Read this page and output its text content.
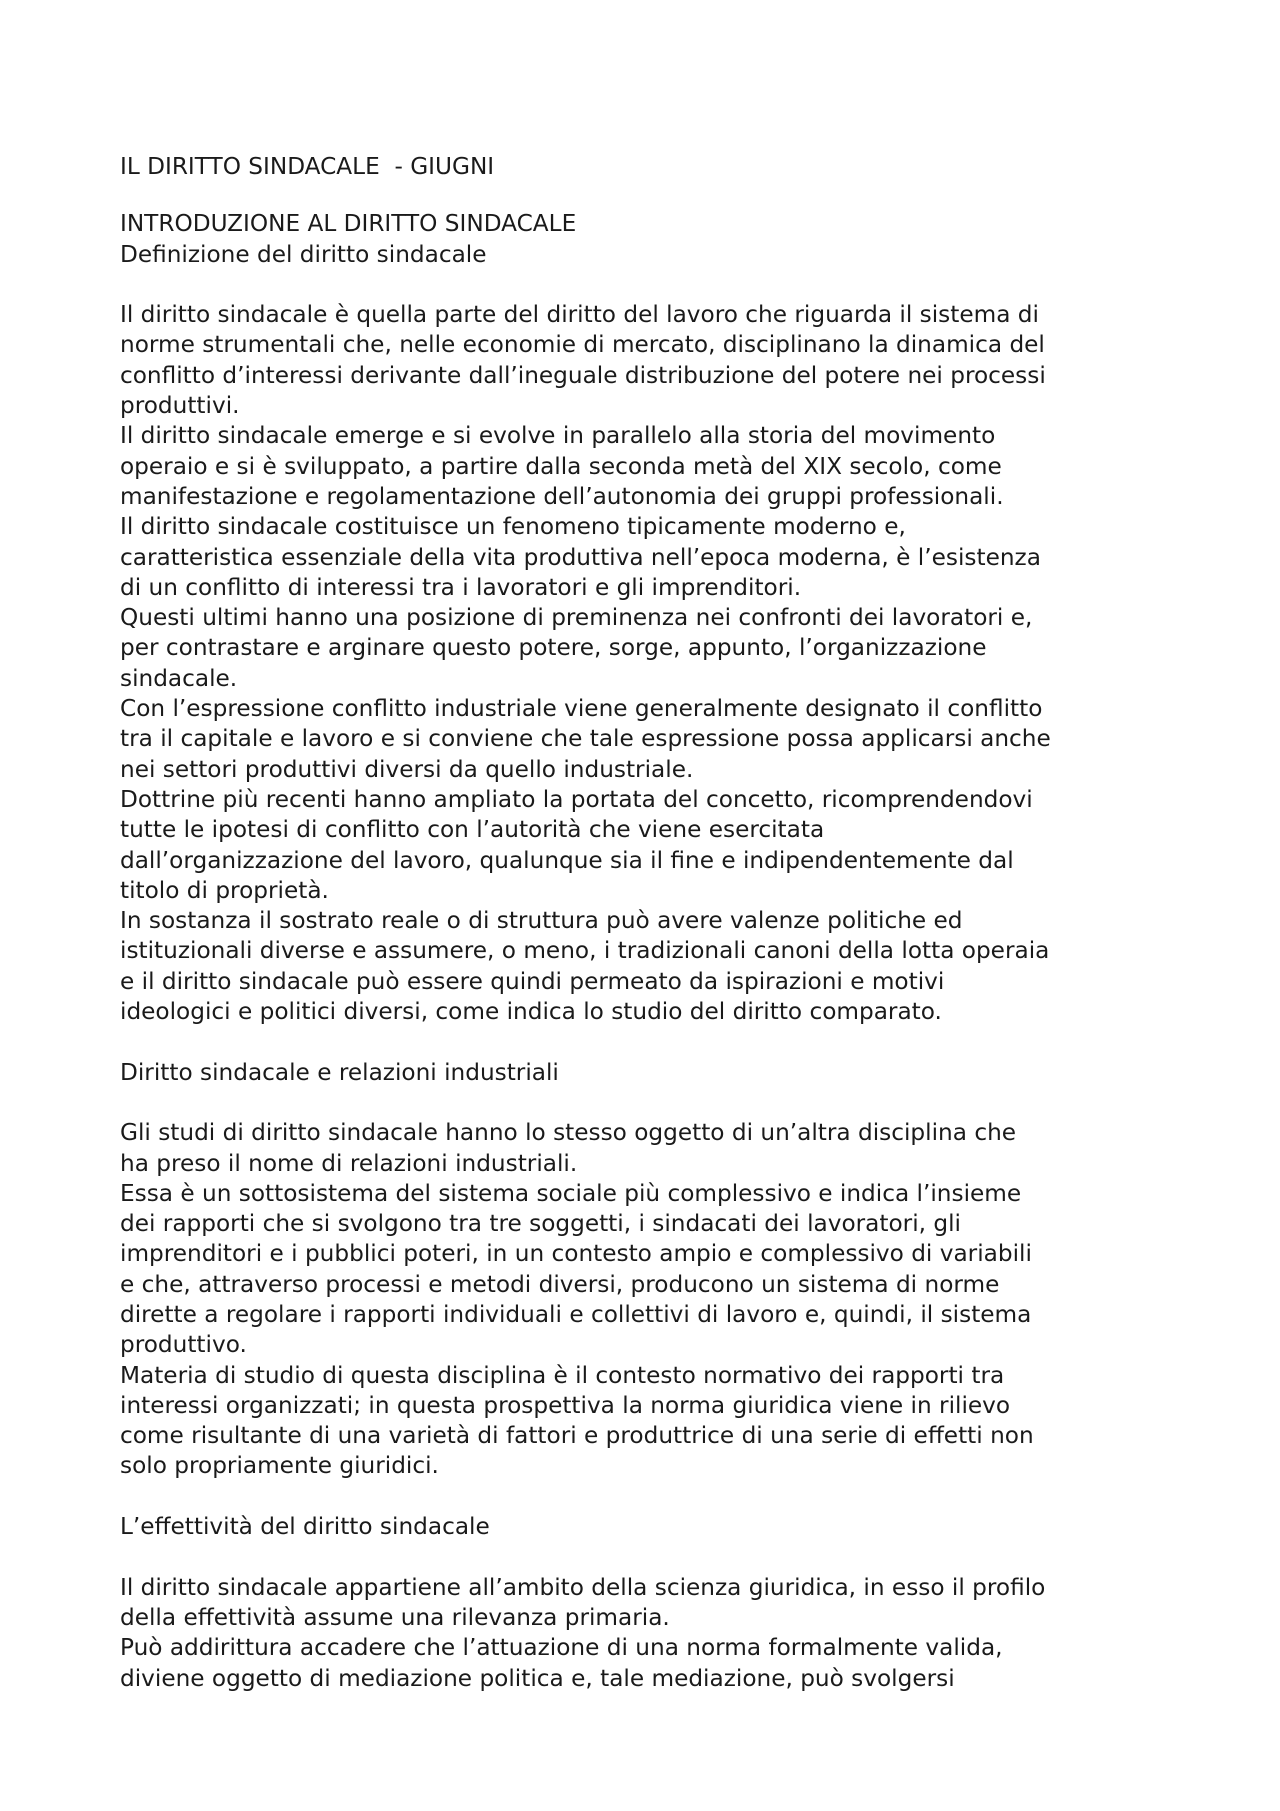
IL DIRITTO SINDACALE  - GIUGNI
INTRODUZIONE AL DIRITTO SINDACALE
Definizione del diritto sindacale
Il diritto sindacale è quella parte del diritto del lavoro che riguarda il sistema di
norme strumentali che, nelle economie di mercato, disciplinano la dinamica del
conflitto d’interessi derivante dall’ineguale distribuzione del potere nei processi
produttivi.
Il diritto sindacale emerge e si evolve in parallelo alla storia del movimento
operaio e si è sviluppato, a partire dalla seconda metà del XIX secolo, come
manifestazione e regolamentazione dell’autonomia dei gruppi professionali.
Il diritto sindacale costituisce un fenomeno tipicamente moderno e,
caratteristica essenziale della vita produttiva nell’epoca moderna, è l’esistenza
di un conflitto di interessi tra i lavoratori e gli imprenditori.
Questi ultimi hanno una posizione di preminenza nei confronti dei lavoratori e,
per contrastare e arginare questo potere, sorge, appunto, l’organizzazione
sindacale.
Con l’espressione conflitto industriale viene generalmente designato il conflitto
tra il capitale e lavoro e si conviene che tale espressione possa applicarsi anche
nei settori produttivi diversi da quello industriale.
Dottrine più recenti hanno ampliato la portata del concetto, ricomprendendovi
tutte le ipotesi di conflitto con l’autorità che viene esercitata
dall’organizzazione del lavoro, qualunque sia il fine e indipendentemente dal
titolo di proprietà.
In sostanza il sostrato reale o di struttura può avere valenze politiche ed
istituzionali diverse e assumere, o meno, i tradizionali canoni della lotta operaia
e il diritto sindacale può essere quindi permeato da ispirazioni e motivi
ideologici e politici diversi, come indica lo studio del diritto comparato.
Diritto sindacale e relazioni industriali
Gli studi di diritto sindacale hanno lo stesso oggetto di un’altra disciplina che
ha preso il nome di relazioni industriali.
Essa è un sottosistema del sistema sociale più complessivo e indica l’insieme
dei rapporti che si svolgono tra tre soggetti, i sindacati dei lavoratori, gli
imprenditori e i pubblici poteri, in un contesto ampio e complessivo di variabili
e che, attraverso processi e metodi diversi, producono un sistema di norme
dirette a regolare i rapporti individuali e collettivi di lavoro e, quindi, il sistema
produttivo.
Materia di studio di questa disciplina è il contesto normativo dei rapporti tra
interessi organizzati; in questa prospettiva la norma giuridica viene in rilievo
come risultante di una varietà di fattori e produttrice di una serie di effetti non
solo propriamente giuridici.
L’effettività del diritto sindacale
Il diritto sindacale appartiene all’ambito della scienza giuridica, in esso il profilo
della effettività assume una rilevanza primaria.
Può addirittura accadere che l’attuazione di una norma formalmente valida,
diviene oggetto di mediazione politica e, tale mediazione, può svolgersi
